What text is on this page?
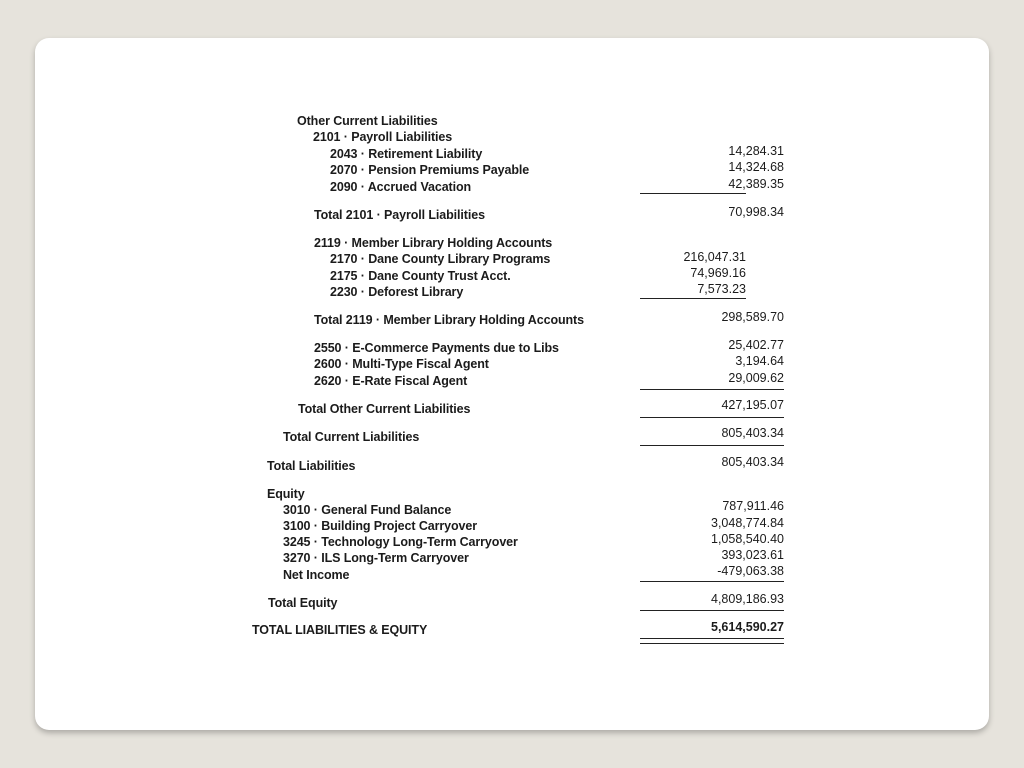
Other Current Liabilities
2101 · Payroll Liabilities
2043 · Retirement Liability	14,284.31
2070 · Pension Premiums Payable	14,324.68
2090 · Accrued Vacation	42,389.35
Total 2101 · Payroll Liabilities	70,998.34
2119 · Member Library Holding Accounts
2170 · Dane County Library Programs	216,047.31
2175 · Dane County Trust Acct.	74,969.16
2230 · Deforest Library	7,573.23
Total 2119 · Member Library Holding Accounts	298,589.70
2550 · E-Commerce Payments due to Libs	25,402.77
2600 · Multi-Type Fiscal Agent	3,194.64
2620 · E-Rate Fiscal Agent	29,009.62
Total Other Current Liabilities	427,195.07
Total Current Liabilities	805,403.34
Total Liabilities	805,403.34
Equity
3010 · General Fund Balance	787,911.46
3100 · Building Project Carryover	3,048,774.84
3245 · Technology Long-Term Carryover	1,058,540.40
3270 · ILS Long-Term Carryover	393,023.61
Net Income	-479,063.38
Total Equity	4,809,186.93
TOTAL LIABILITIES & EQUITY	5,614,590.27
